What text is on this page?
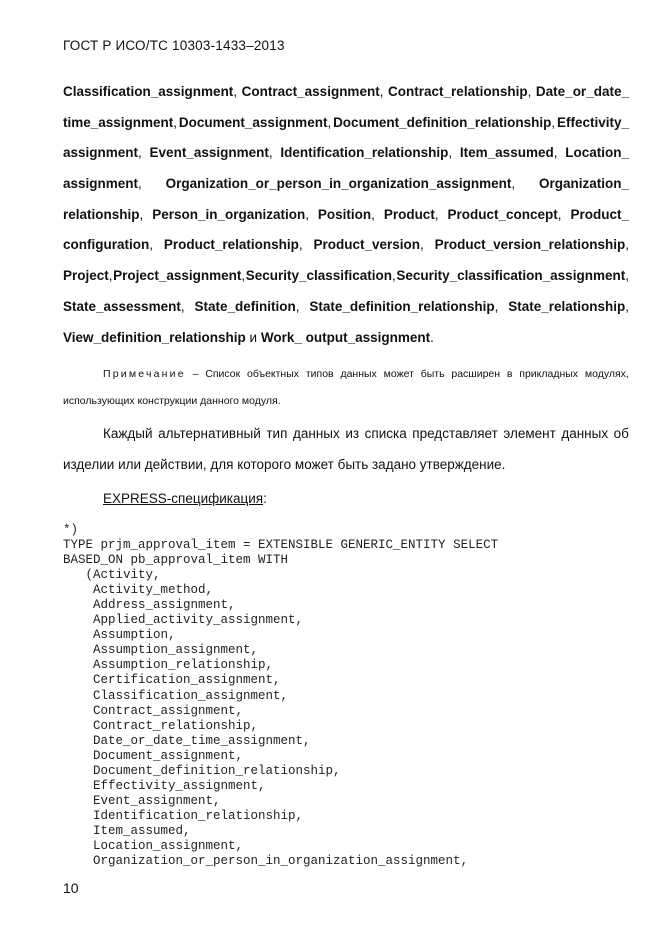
ГОСТ Р ИСО/ТС 10303-1433–2013
Classification_assignment, Contract_assignment, Contract_relationship, Date_or_date_
time_assignment, Document_assignment, Document_definition_relationship, Effectivity_
assignment, Event_assignment, Identification_relationship, Item_assumed, Location_
assignment, Organization_or_person_in_organization_assignment, Organization_
relationship, Person_in_organization, Position, Product, Product_concept, Product_
configuration, Product_relationship, Product_version, Product_version_relationship,
Project, Project_assignment, Security_classification, Security_classification_assignment,
State_assessment, State_definition, State_definition_relationship, State_relationship,
View_definition_relationship и Work_ output_assignment .
Примечание – Список объектных типов данных может быть расширен в прикладных модулях,
использующих конструкции данного модуля.
Каждый альтернативный тип данных из списка представляет элемент данных об
изделии или действии, для которого может быть задано утверждение.
EXPRESS-спецификация:
*)
TYPE prjm_approval_item = EXTENSIBLE GENERIC_ENTITY SELECT
BASED_ON pb_approval_item WITH
(Activity,
Activity_method,
Address_assignment,
Applied_activity_assignment,
Assumption,
Assumption_assignment,
Assumption_relationship,
Certification_assignment,
Classification_assignment,
Contract_assignment,
Contract_relationship,
Date_or_date_time_assignment,
Document_assignment,
Document_definition_relationship,
Effectivity_assignment,
Event_assignment,
Identification_relationship,
Item_assumed,
Location_assignment,
Organization_or_person_in_organization_assignment,
10
